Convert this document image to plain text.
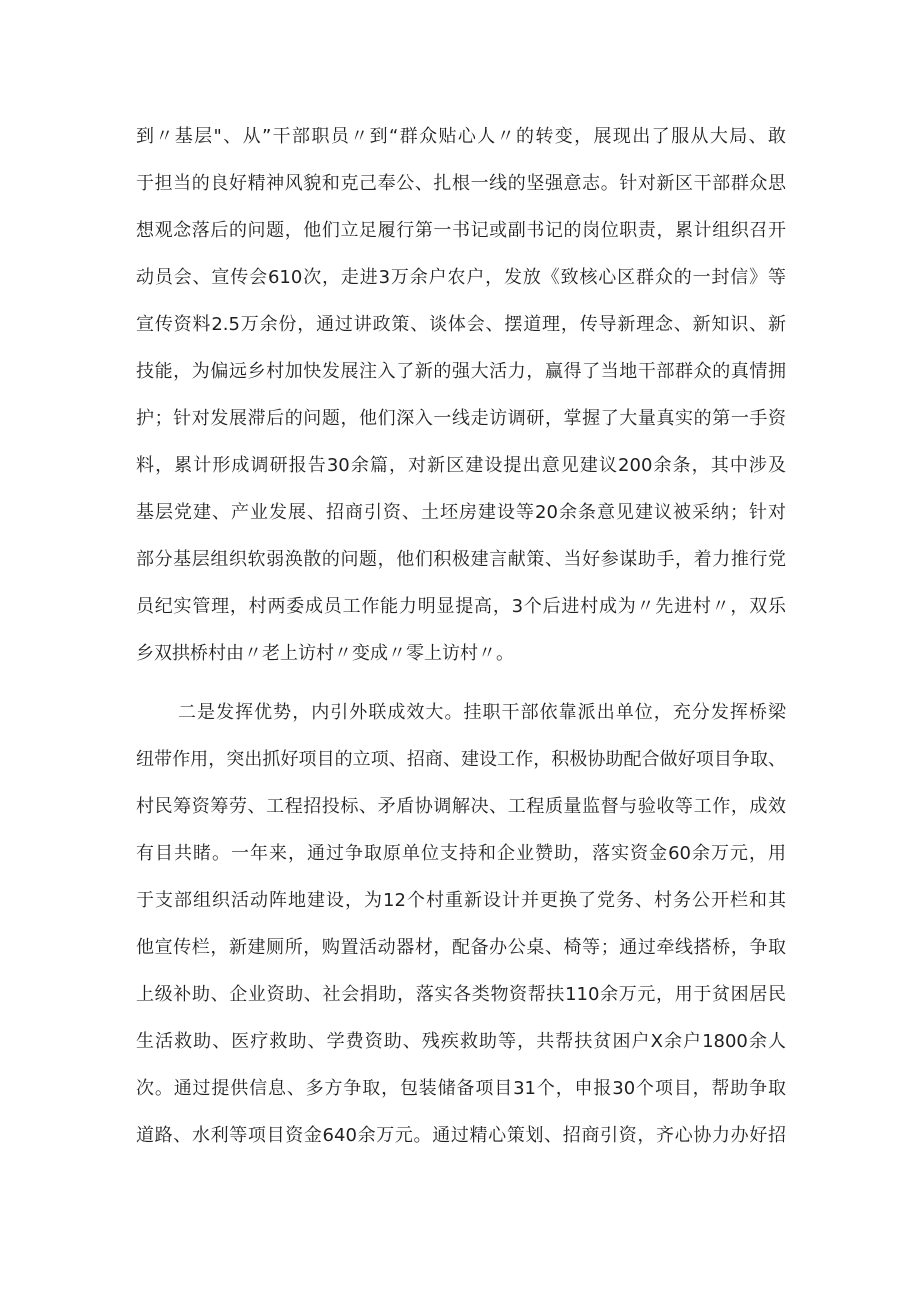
到〃基层"、从”干部职员〃到“群众贴心人〃的转变，展现出了服从大局、敢
于担当的良好精神风貌和克己奉公、扎根一线的坚强意志。针对新区干部群众思
想观念落后的问题，他们立足履行第一书记或副书记的岗位职责，累计组织召开
动员会、宣传会610次，走进3万余户农户，发放《致核心区群众的一封信》等
宣传资料2.5万余份，通过讲政策、谈体会、摆道理，传导新理念、新知识、新
技能，为偏远乡村加快发展注入了新的强大活力，赢得了当地干部群众的真情拥
护；针对发展滞后的问题，他们深入一线走访调研，掌握了大量真实的第一手资
料，累计形成调研报告30余篇，对新区建设提出意见建议200余条，其中涉及
基层党建、产业发展、招商引资、土坯房建设等20余条意见建议被采纳；针对
部分基层组织软弱涣散的问题，他们积极建言献策、当好参谋助手，着力推行党
员纪实管理，村两委成员工作能力明显提高，3个后进村成为〃先进村〃，双乐
乡双拱桥村由〃老上访村〃变成〃零上访村〃。
二是发挥优势，内引外联成效大。挂职干部依靠派出单位，充分发挥桥梁
纽带作用，突出抓好项目的立项、招商、建设工作，积极协助配合做好项目争取、
村民筹资筹劳、工程招投标、矛盾协调解决、工程质量监督与验收等工作，成效
有目共睹。一年来，通过争取原单位支持和企业赞助，落实资金60余万元，用
于支部组织活动阵地建设，为12个村重新设计并更换了党务、村务公开栏和其
他宣传栏，新建厕所，购置活动器材，配备办公桌、椅等；通过牵线搭桥，争取
上级补助、企业资助、社会捐助，落实各类物资帮扶110余万元，用于贫困居民
生活救助、医疗救助、学费资助、残疾救助等，共帮扶贫困户X余户1800余人
次。通过提供信息、多方争取，包装储备项目31个，申报30个项目，帮助争取
道路、水利等项目资金640余万元。通过精心策划、招商引资，齐心协力办好招
